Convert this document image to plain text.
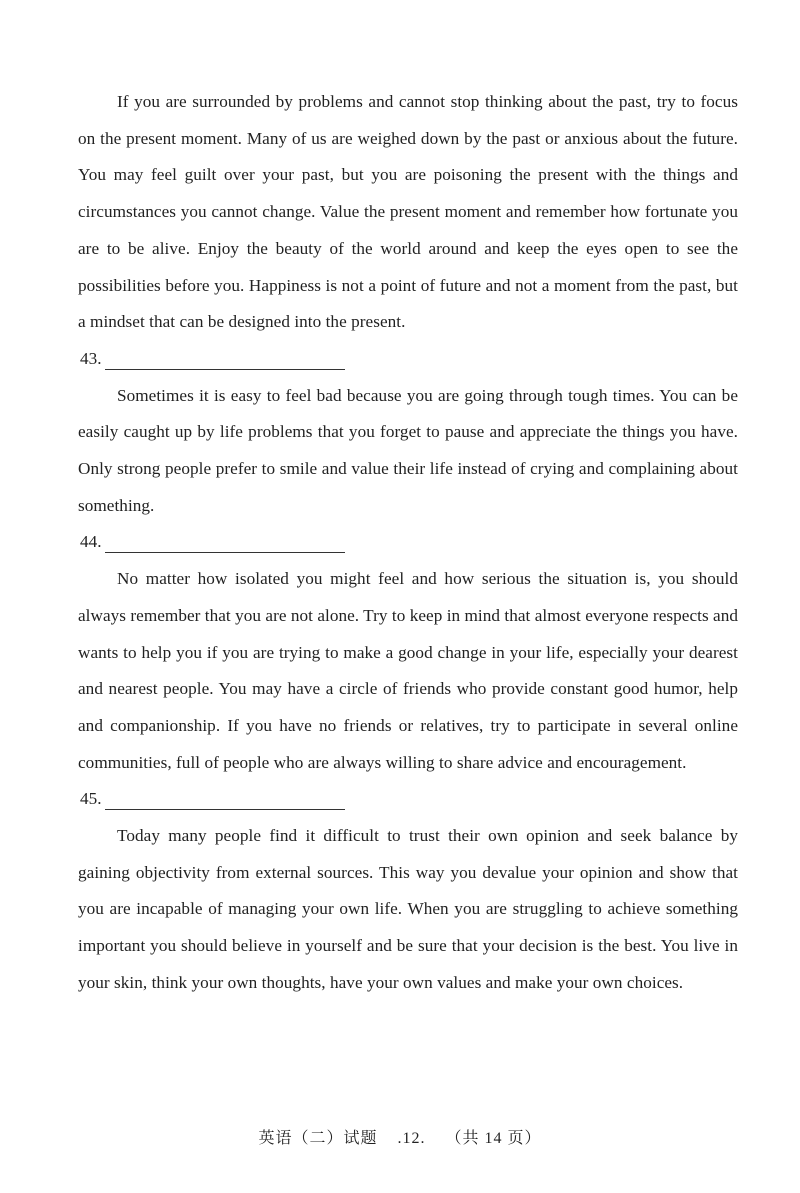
If you are surrounded by problems and cannot stop thinking about the past, try to focus on the present moment. Many of us are weighed down by the past or anxious about the future. You may feel guilt over your past, but you are poisoning the present with the things and circumstances you cannot change. Value the present moment and remember how fortunate you are to be alive. Enjoy the beauty of the world around and keep the eyes open to see the possibilities before you. Happiness is not a point of future and not a moment from the past, but a mindset that can be designed into the present.

43.

Sometimes it is easy to feel bad because you are going through tough times. You can be easily caught up by life problems that you forget to pause and appreciate the things you have. Only strong people prefer to smile and value their life instead of crying and complaining about something.

44.

No matter how isolated you might feel and how serious the situation is, you should always remember that you are not alone. Try to keep in mind that almost everyone respects and wants to help you if you are trying to make a good change in your life, especially your dearest and nearest people. You may have a circle of friends who provide constant good humor, help and companionship. If you have no friends or relatives, try to participate in several online communities, full of people who are always willing to share advice and encouragement.

45.

Today many people find it difficult to trust their own opinion and seek balance by gaining objectivity from external sources. This way you devalue your opinion and show that you are incapable of managing your own life. When you are struggling to achieve something important you should believe in yourself and be sure that your decision is the best. You live in your skin, think your own thoughts, have your own values and make your own choices.

英语（二）试题    .12.    （共 14 页）
